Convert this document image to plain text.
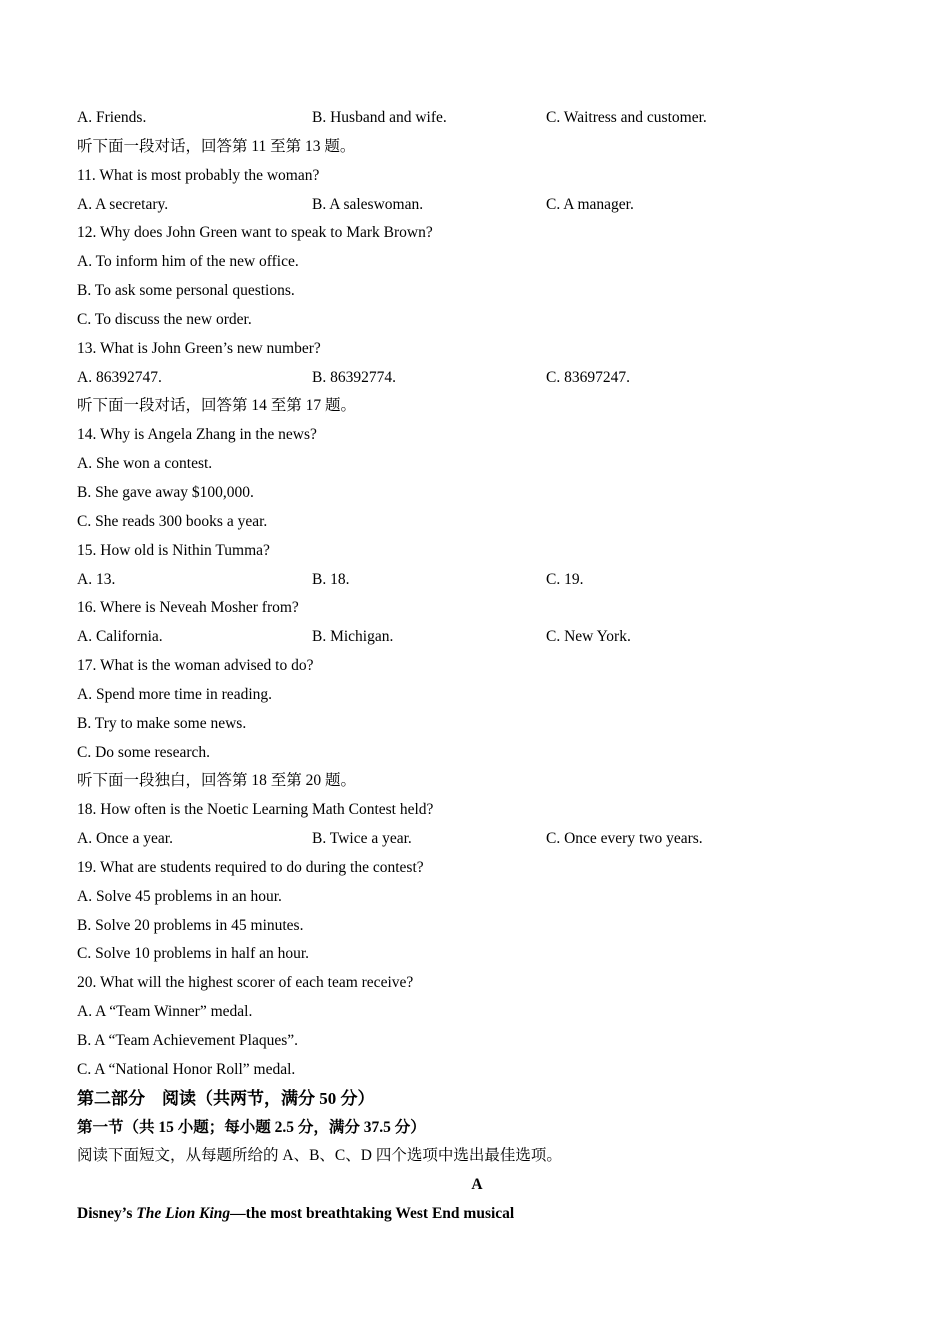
A. Friends.	B. Husband and wife.	C. Waitress and customer.
听下面一段对话，回答第 11 至第 13 题。
11. What is most probably the woman?
A. A secretary.	B. A saleswoman.	C. A manager.
12. Why does John Green want to speak to Mark Brown?
A. To inform him of the new office.
B. To ask some personal questions.
C. To discuss the new order.
13. What is John Green’s new number?
A. 86392747.	B. 86392774.	C. 83697247.
听下面一段对话，回答第 14 至第 17 题。
14. Why is Angela Zhang in the news?
A. She won a contest.
B. She gave away $100,000.
C. She reads 300 books a year.
15. How old is Nithin Tumma?
A. 13.	B. 18.	C. 19.
16. Where is Neveah Mosher from?
A. California.	B. Michigan.	C. New York.
17. What is the woman advised to do?
A. Spend more time in reading.
B. Try to make some news.
C. Do some research.
听下面一段独白，回答第 18 至第 20 题。
18. How often is the Noetic Learning Math Contest held?
A. Once a year.	B. Twice a year.	C. Once every two years.
19. What are students required to do during the contest?
A. Solve 45 problems in an hour.
B. Solve 20 problems in 45 minutes.
C. Solve 10 problems in half an hour.
20. What will the highest scorer of each team receive?
A. A “Team Winner” medal.
B. A “Team Achievement Plaques”.
C. A “National Honor Roll” medal.
第二部分　阅读（共两节，满分 50 分）
第一节（共 15 小题；每小题 2.5 分，满分 37.5 分）
阅读下面短文，从每题所给的 A、B、C、D 四个选项中选出最佳选项。
A
Disney’s The Lion King—the most breathtaking West End musical
